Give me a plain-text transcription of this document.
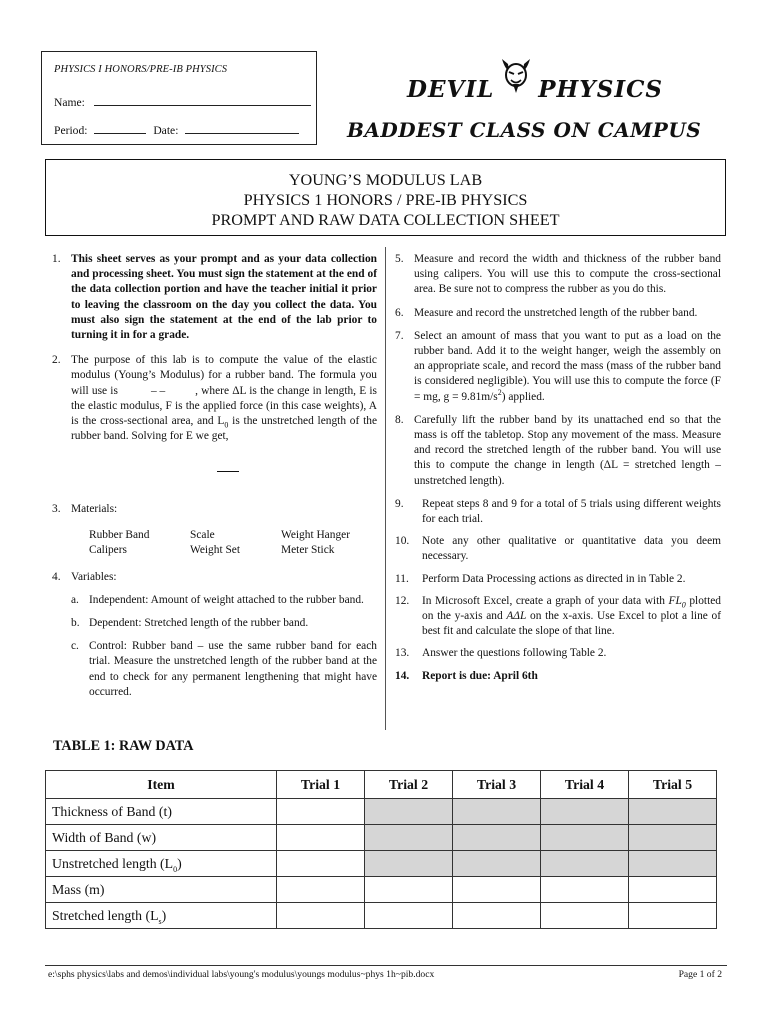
PHYSICS I HONORS/PRE-IB PHYSICS
Name:
Period:	Date:
DEVIL PHYSICS
BADDEST CLASS ON CAMPUS
YOUNG’S MODULUS LAB
PHYSICS 1 HONORS / PRE-IB PHYSICS
PROMPT AND RAW DATA COLLECTION SHEET
1. This sheet serves as your prompt and as your data collection and processing sheet. You must sign the statement at the end of the data collection portion and have the teacher initial it prior to leaving the classroom on the day you collect the data. You must also sign the statement at the end of the lab prior to turning it in for a grade.
2. The purpose of this lab is to compute the value of the elastic modulus (Young’s Modulus) for a rubber band. The formula you will use is	– –	, where ΔL is the change in length, E is the elastic modulus, F is the applied force (in this case weights), A is the cross-sectional area, and $L_0$ is the unstretched length of the rubber band. Solving for E we get,
3. Materials:
Rubber Band	Scale	Weight Hanger
Calipers	Weight Set	Meter Stick
4. Variables:
a. Independent: Amount of weight attached to the rubber band.
b. Dependent: Stretched length of the rubber band.
c. Control: Rubber band – use the same rubber band for each trial. Measure the unstretched length of the rubber band at the end to check for any permanent lengthening that might have occurred.
5. Measure and record the width and thickness of the rubber band using calipers. You will use this to compute the cross-sectional area. Be sure not to compress the rubber as you do this.
6. Measure and record the unstretched length of the rubber band.
7. Select an amount of mass that you want to put as a load on the rubber band. Add it to the weight hanger, weigh the assembly on an appropriate scale, and record the mass (mass of the rubber band is considered negligible). You will use this to compute the force (F = mg, $g = 9.81m/s^2$) applied.
8. Carefully lift the rubber band by its unattached end so that the mass is off the tabletop. Stop any movement of the mass. Measure and record the stretched length of the rubber band. You will use this to compute the change in length (ΔL = stretched length – unstretched length).
9. Repeat steps 8 and 9 for a total of 5 trials using different weights for each trial.
10. Note any other qualitative or quantitative data you deem necessary.
11. Perform Data Processing actions as directed in in Table 2.
12. In Microsoft Excel, create a graph of your data with $FL_0$ plotted on the y-axis and AΔL on the x-axis. Use Excel to plot a line of best fit and calculate the slope of that line.
13. Answer the questions following Table 2.
14. Report is due: April 6th
TABLE 1: RAW DATA
Item	Trial 1	Trial 2	Trial 3	Trial 4	Trial 5
Thickness of Band (t)					
Width of Band (w)					
Unstretched length $(L_0)$					
Mass (m)					
Stretched length $(L_s)$					
e:\sphs physics\labs and demos\individual labs\young's modulus\youngs modulus~phys 1h~pib.docx	Page 1 of 2
